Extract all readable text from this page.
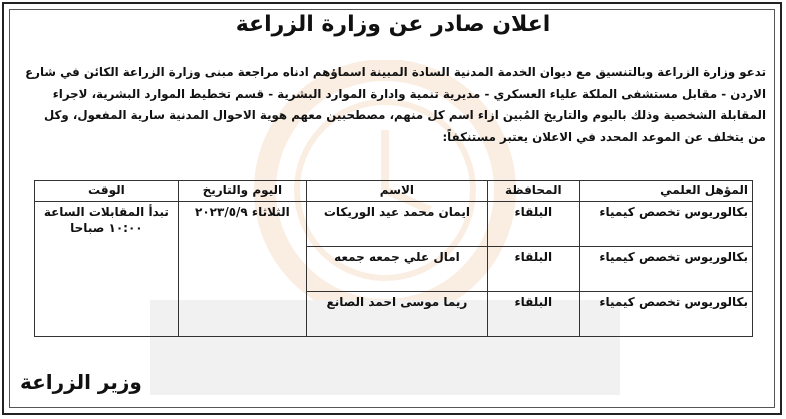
اعلان صادر عن وزارة الزراعة
تدعو وزارة الزراعة وبالتنسيق مع ديوان الخدمة المدنية السادة المبينة اسماؤهم ادناه مراجعة مبنى وزارة الزراعة الكائن في شارع
الاردن - مقابل مستشفى الملكة علياء العسكري - مديرية تنمية وادارة الموارد البشرية - قسم تخطيط الموارد البشرية، لاجراء
المقابلة الشخصية وذلك باليوم والتاريخ المُبين ازاء اسم كل منهم، مصطحبين معهم هوية الاحوال المدنية سارية المفعول، وكل
من يتخلف عن الموعد المحدد في الاعلان يعتبر مستنكفاً:
المؤهل العلمي	المحافظة	الاسم	اليوم والتاريخ	الوقت
بكالوريوس تخصص كيمياء	البلقاء	ايمان محمد عيد الوريكات	الثلاثاء ٢٠٢٣/٥/٩	تبدأ المقابلات الساعة ١٠:٠٠ صباحا
بكالوريوس تخصص كيمياء	البلقاء	امال علي جمعه جمعه		
بكالوريوس تخصص كيمياء	البلقاء	ريما موسى احمد الصانع		
وزير الزراعة
